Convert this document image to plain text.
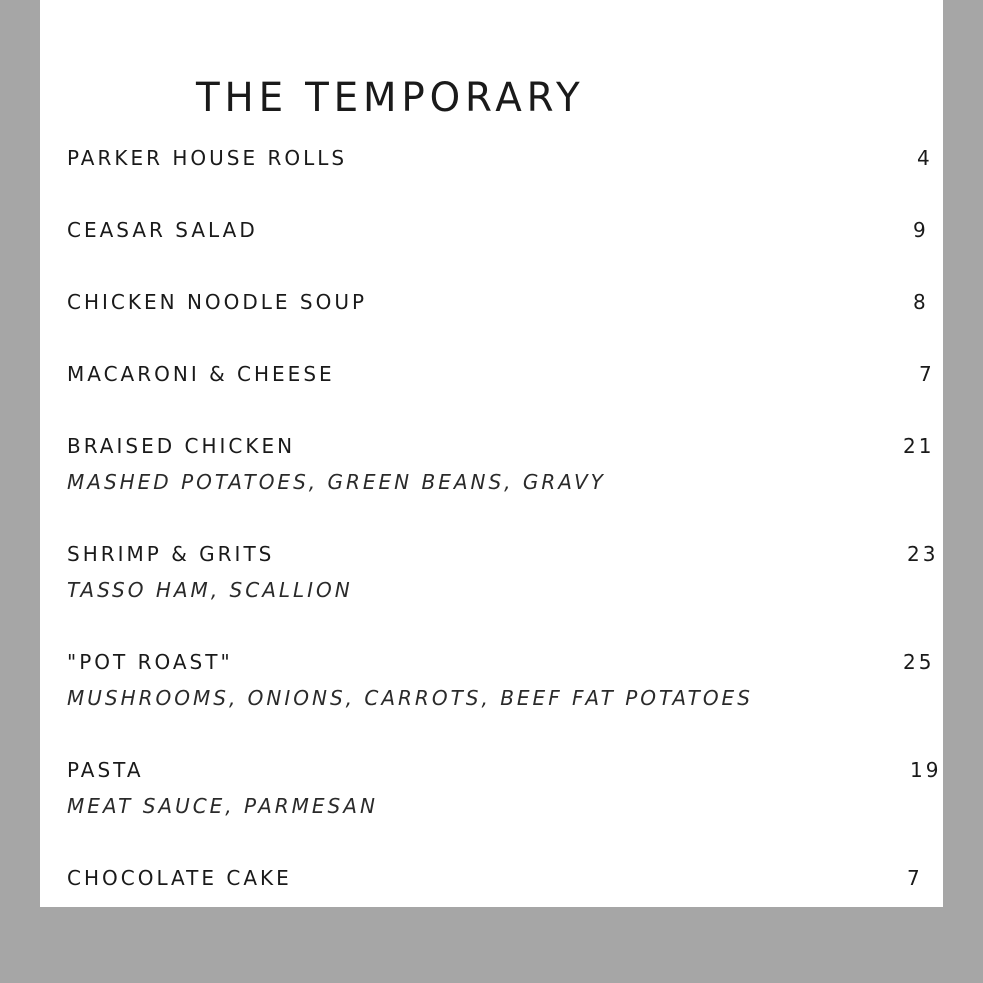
THE TEMPORARY
PARKER HOUSE ROLLS	4
CEASAR SALAD	9
CHICKEN NOODLE SOUP	8
MACARONI & CHEESE	7
BRAISED CHICKEN	21
MASHED POTATOES, GREEN BEANS, GRAVY
SHRIMP & GRITS	23
TASSO HAM, SCALLION
"POT ROAST"	25
MUSHROOMS, ONIONS, CARROTS, BEEF FAT POTATOES
PASTA	19
MEAT SAUCE, PARMESAN
CHOCOLATE CAKE	7
